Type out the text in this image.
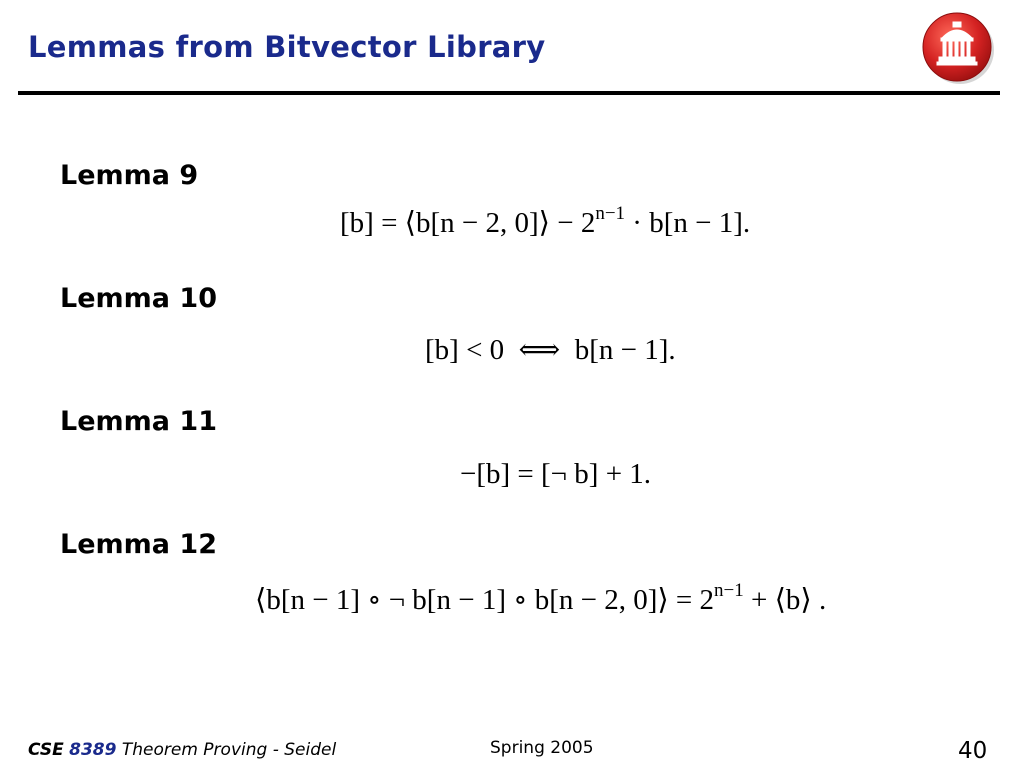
Lemmas from Bitvector Library
Lemma 9
[b] = ⟨b[n − 2, 0]⟩ − $2^{n-1} \cdot b[n - 1]$.
Lemma 10
[b] < 0  ⟺  b[n − 1].
Lemma 11
−[b] = [¬ b] + 1.
Lemma 12
⟨b[n − 1] ∘ ¬ b[n − 1] ∘ b[n − 2, 0]⟩ = $2^{n-1}$ + ⟨b⟩ .
CSE 8389 Theorem Proving - Seidel	Spring 2005	40
